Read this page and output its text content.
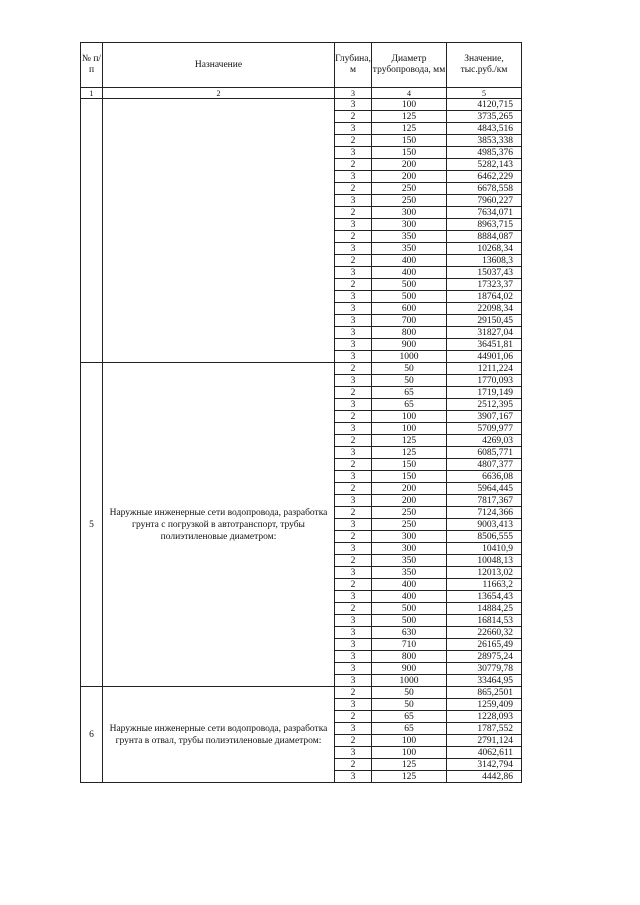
№ п/п	Назначение	Глубина, м	Диаметр трубопровода, мм	Значение, тыс.руб./км
1	2	3	4	5
		3	100	4120,715
		2	125	3735,265
		3	125	4843,516
		2	150	3853,338
		3	150	4985,376
		2	200	5282,143
		3	200	6462,229
		2	250	6678,558
		3	250	7960,227
		2	300	7634,071
		3	300	8963,715
		2	350	8884,087
		3	350	10268,34
		2	400	13608,3
		3	400	15037,43
		2	500	17323,37
		3	500	18764,02
		3	600	22098,34
		3	700	29150,45
		3	800	31827,04
		3	900	36451,81
		3	1000	44901,06
5	Наружные инженерные сети водопровода, разработка грунта с погрузкой в автотранспорт, трубы полиэтиленовые диаметром:	2	50	1211,224
		3	50	1770,093
		2	65	1719,149
		3	65	2512,395
		2	100	3907,167
		3	100	5709,977
		2	125	4269,03
		3	125	6085,771
		2	150	4807,377
		3	150	6636,08
		2	200	5964,445
		3	200	7817,367
		2	250	7124,366
		3	250	9003,413
		2	300	8506,555
		3	300	10410,9
		2	350	10048,13
		3	350	12013,02
		2	400	11663,2
		3	400	13654,43
		2	500	14884,25
		3	500	16814,53
		3	630	22660,32
		3	710	26165,49
		3	800	28975,24
		3	900	30779,78
		3	1000	33464,95
6	Наружные инженерные сети водопровода, разработка грунта в отвал, трубы полиэтиленовые диаметром:	2	50	865,2501
		3	50	1259,409
		2	65	1228,093
		3	65	1787,552
		2	100	2791,124
		3	100	4062,611
		2	125	3142,794
		3	125	4442,86
